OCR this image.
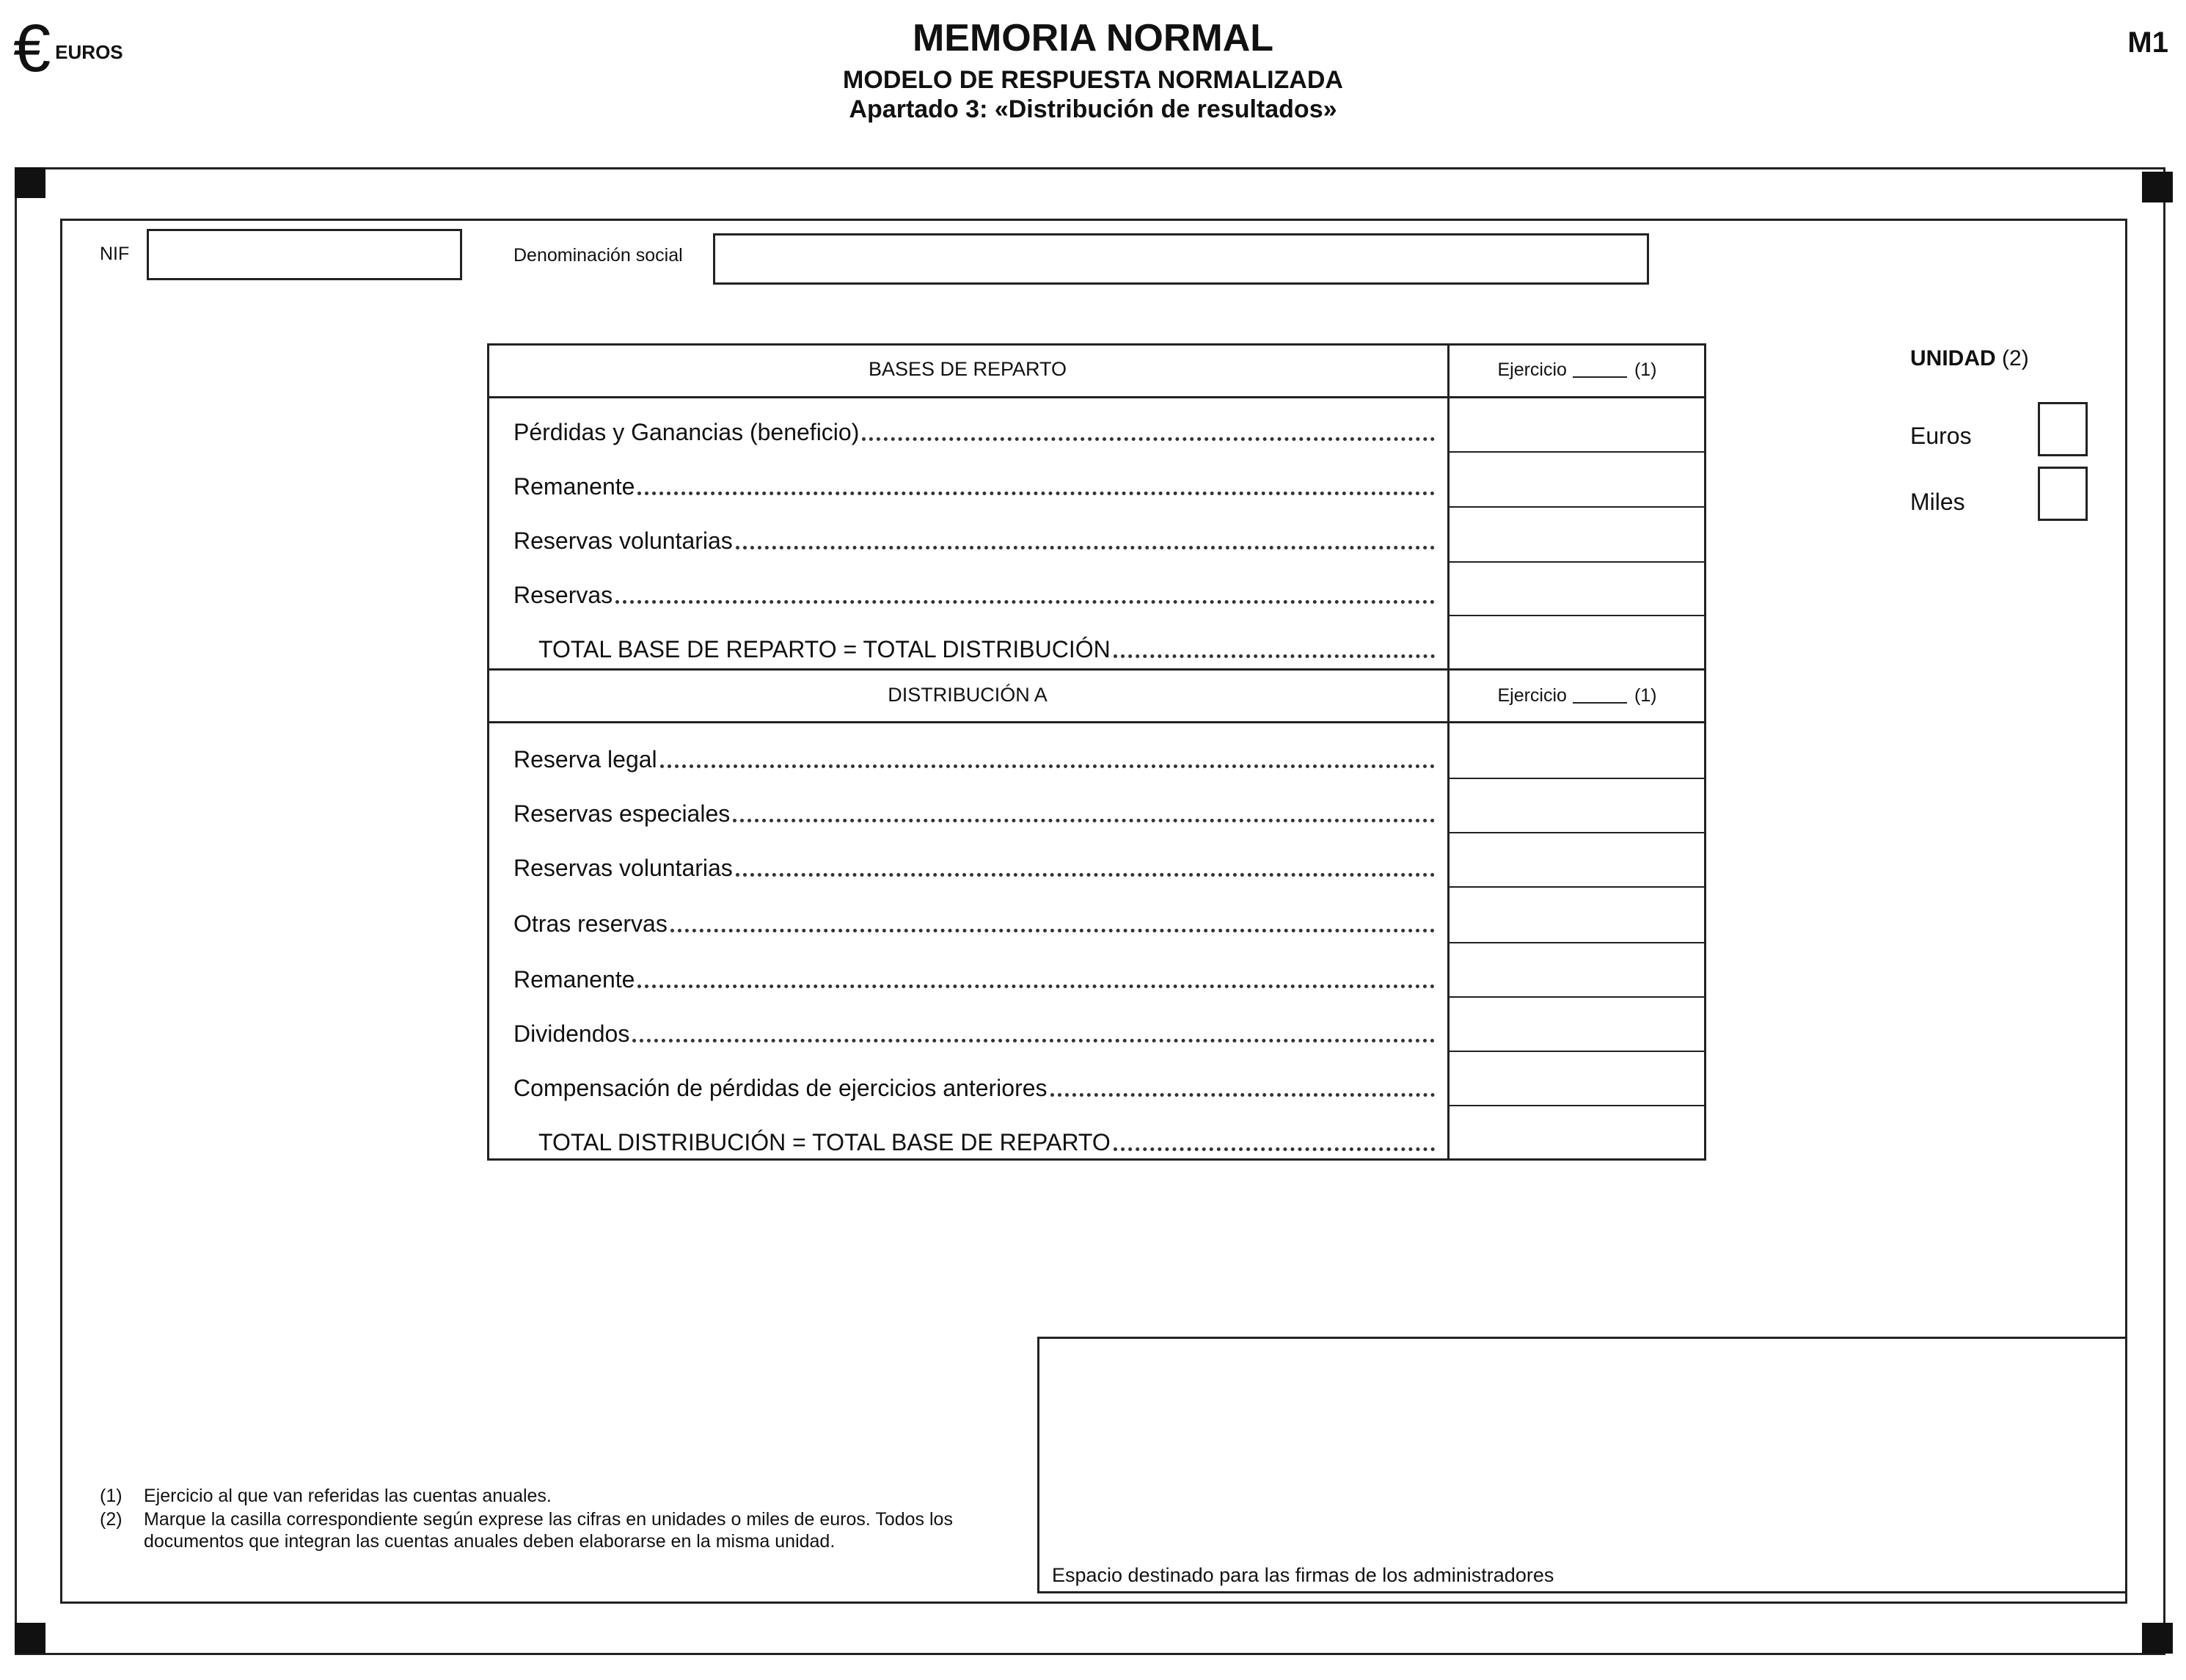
€ EUROS	MEMORIA NORMAL
MODELO DE RESPUESTA NORMALIZADA
Apartado 3: «Distribución de resultados»
M1
NIF	Denominación social
BASES DE REPARTO	Ejercicio	(1)
Pérdidas y Ganancias (beneficio)
Remanente
Reservas voluntarias
Reservas
TOTAL BASE DE REPARTO = TOTAL DISTRIBUCIÓN
DISTRIBUCIÓN A	Ejercicio	(1)
Reserva legal
Reservas especiales
Reservas voluntarias
Otras reservas
Remanente
Dividendos
Compensación de pérdidas de ejercicios anteriores
TOTAL DISTRIBUCIÓN = TOTAL BASE DE REPARTO
UNIDAD (2)
Euros
Miles
(1) Ejercicio al que van referidas las cuentas anuales.
(2) Marque la casilla correspondiente según exprese las cifras en unidades o miles de euros. Todos los documentos que integran las cuentas anuales deben elaborarse en la misma unidad.
Espacio destinado para las firmas de los administradores
